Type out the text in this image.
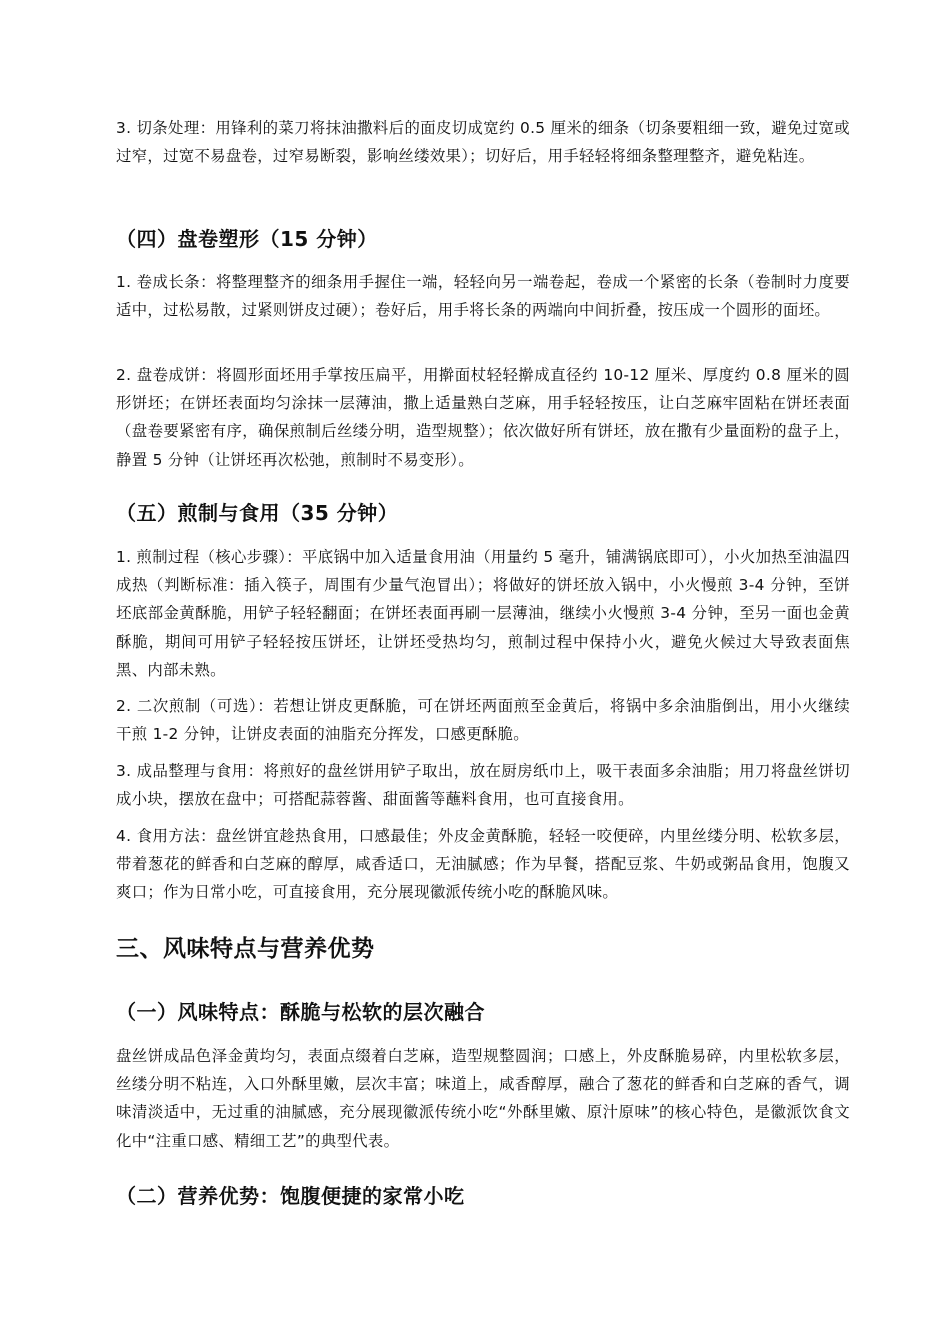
3. 切条处理：用锋利的菜刀将抹油撒料后的面皮切成宽约 0.5 厘米的细条（切条要粗细一致，避免过宽或过窄，过宽不易盘卷，过窄易断裂，影响丝缕效果）；切好后，用手轻轻将细条整理整齐，避免粘连。

（四）盘卷塑形（15 分钟）

1. 卷成长条：将整理整齐的细条用手握住一端，轻轻向另一端卷起，卷成一个紧密的长条（卷制时力度要适中，过松易散，过紧则饼皮过硬）；卷好后，用手将长条的两端向中间折叠，按压成一个圆形的面坯。

2. 盘卷成饼：将圆形面坯用手掌按压扁平，用擀面杖轻轻擀成直径约 10-12 厘米、厚度约 0.8 厘米的圆形饼坯；在饼坯表面均匀涂抹一层薄油，撒上适量熟白芝麻，用手轻轻按压，让白芝麻牢固粘在饼坯表面（盘卷要紧密有序，确保煎制后丝缕分明，造型规整）；依次做好所有饼坯，放在撒有少量面粉的盘子上，静置 5 分钟（让饼坯再次松弛，煎制时不易变形）。

（五）煎制与食用（35 分钟）

1. 煎制过程（核心步骤）：平底锅中加入适量食用油（用量约 5 毫升，铺满锅底即可），小火加热至油温四成热（判断标准：插入筷子，周围有少量气泡冒出）；将做好的饼坯放入锅中，小火慢煎 3-4 分钟，至饼坯底部金黄酥脆，用铲子轻轻翻面；在饼坯表面再刷一层薄油，继续小火慢煎 3-4 分钟，至另一面也金黄酥脆，期间可用铲子轻轻按压饼坯，让饼坯受热均匀，煎制过程中保持小火，避免火候过大导致表面焦黑、内部未熟。

2. 二次煎制（可选）：若想让饼皮更酥脆，可在饼坯两面煎至金黄后，将锅中多余油脂倒出，用小火继续干煎 1-2 分钟，让饼皮表面的油脂充分挥发，口感更酥脆。

3. 成品整理与食用：将煎好的盘丝饼用铲子取出，放在厨房纸巾上，吸干表面多余油脂；用刀将盘丝饼切成小块，摆放在盘中；可搭配蒜蓉酱、甜面酱等蘸料食用，也可直接食用。

4. 食用方法：盘丝饼宜趁热食用，口感最佳；外皮金黄酥脆，轻轻一咬便碎，内里丝缕分明、松软多层，带着葱花的鲜香和白芝麻的醇厚，咸香适口，无油腻感；作为早餐，搭配豆浆、牛奶或粥品食用，饱腹又爽口；作为日常小吃，可直接食用，充分展现徽派传统小吃的酥脆风味。

三、风味特点与营养优势
（一）风味特点：酥脆与松软的层次融合

盘丝饼成品色泽金黄均匀，表面点缀着白芝麻，造型规整圆润；口感上，外皮酥脆易碎，内里松软多层，丝缕分明不粘连，入口外酥里嫩，层次丰富；味道上，咸香醇厚，融合了葱花的鲜香和白芝麻的香气，调味清淡适中，无过重的油腻感，充分展现徽派传统小吃“外酥里嫩、原汁原味”的核心特色，是徽派饮食文化中“注重口感、精细工艺”的典型代表。

（二）营养优势：饱腹便捷的家常小吃
